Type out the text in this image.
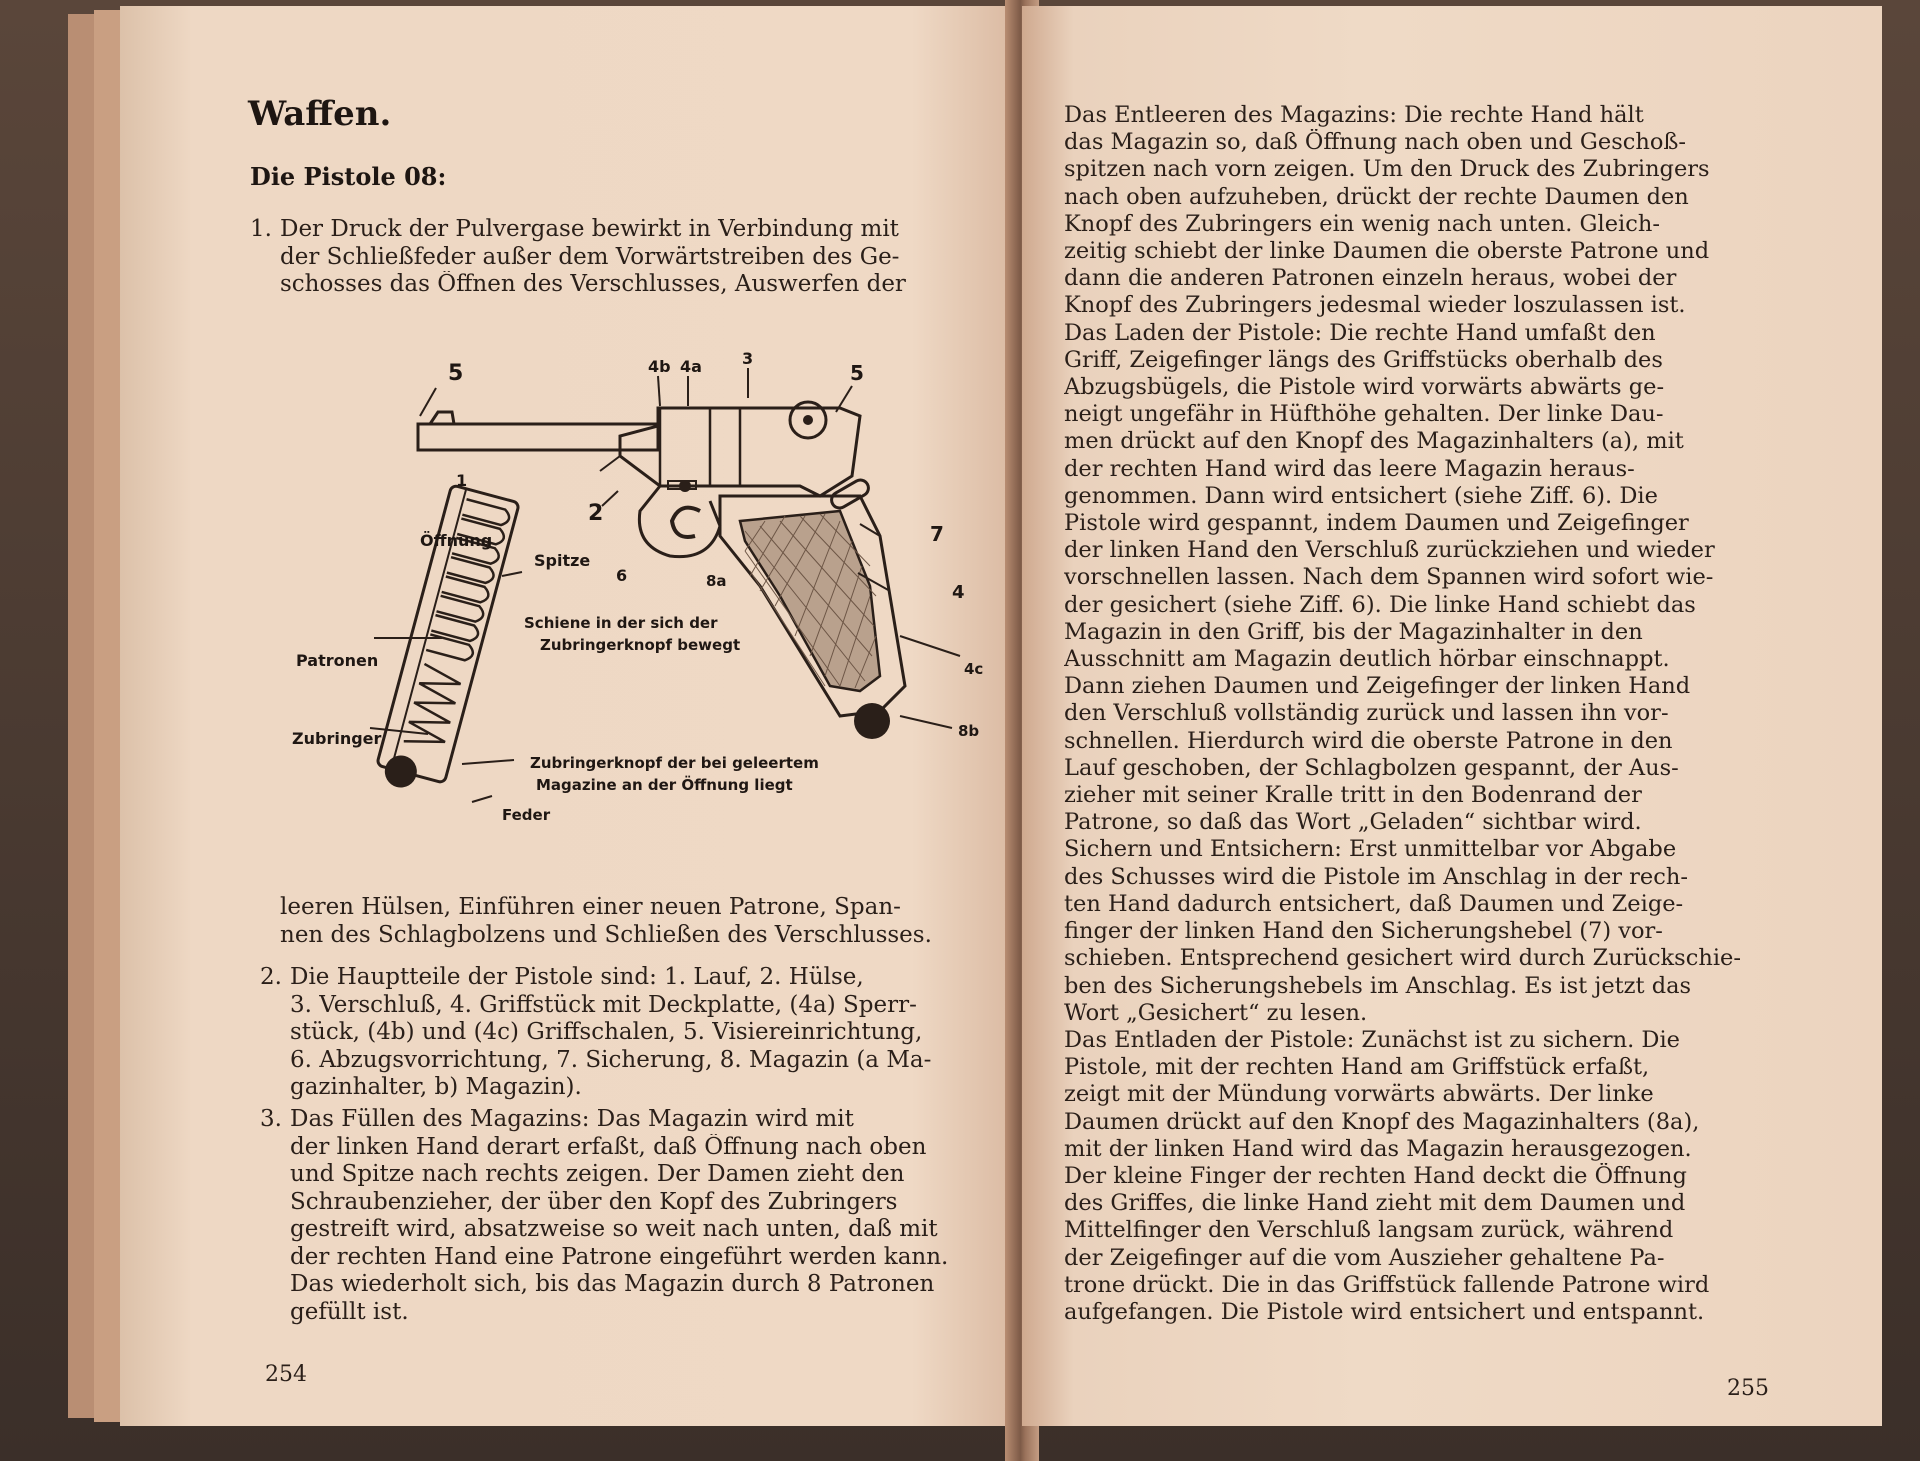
Waffen.
Die Pistole 08:
1. Der Druck der Pulvergase bewirkt in Verbindung mit
der Schließfeder außer dem Vorwärtstreiben des Ge-
schosses das Öffnen des Verschlusses, Auswerfen der
5	4b 4a	3
5
1
2
7
Öffnung
Spitze
6	8a
4
Schiene in der sich der
Zubringerknopf bewegt
Patronen	4c
Zubringer	8b
Zubringerknopf der bei geleertem
Magazine an der Öffnung liegt
Feder
leeren Hülsen, Einführen einer neuen Patrone, Span-
nen des Schlagbolzens und Schließen des Verschlusses.
2. Die Hauptteile der Pistole sind: 1. Lauf, 2. Hülse,
3. Verschluß, 4. Griffstück mit Deckplatte, (4a) Sperr-
stück, (4b) und (4c) Griffschalen, 5. Visiereinrichtung,
6. Abzugsvorrichtung, 7. Sicherung, 8. Magazin (a Ma-
gazinhalter, b) Magazin).
3. Das Füllen des Magazins: Das Magazin wird mit
der linken Hand derart erfaßt, daß Öffnung nach oben
und Spitze nach rechts zeigen. Der Damen zieht den
Schraubenzieher, der über den Kopf des Zubringers
gestreift wird, absatzweise so weit nach unten, daß mit
der rechten Hand eine Patrone eingeführt werden kann.
Das wiederholt sich, bis das Magazin durch 8 Patronen
gefüllt ist.
254
Das Entleeren des Magazins: Die rechte Hand hält
das Magazin so, daß Öffnung nach oben und Geschoß-
spitzen nach vorn zeigen. Um den Druck des Zubringers
nach oben aufzuheben, drückt der rechte Daumen den
Knopf des Zubringers ein wenig nach unten. Gleich-
zeitig schiebt der linke Daumen die oberste Patrone und
dann die anderen Patronen einzeln heraus, wobei der
Knopf des Zubringers jedesmal wieder loszulassen ist.
Das Laden der Pistole: Die rechte Hand umfaßt den
Griff, Zeigefinger längs des Griffstücks oberhalb des
Abzugsbügels, die Pistole wird vorwärts abwärts ge-
neigt ungefähr in Hüfthöhe gehalten. Der linke Dau-
men drückt auf den Knopf des Magazinhalters (a), mit
der rechten Hand wird das leere Magazin heraus-
genommen. Dann wird entsichert (siehe Ziff. 6). Die
Pistole wird gespannt, indem Daumen und Zeigefinger
der linken Hand den Verschluß zurückziehen und wieder
vorschnellen lassen. Nach dem Spannen wird sofort wie-
der gesichert (siehe Ziff. 6). Die linke Hand schiebt das
Magazin in den Griff, bis der Magazinhalter in den
Ausschnitt am Magazin deutlich hörbar einschnappt.
Dann ziehen Daumen und Zeigefinger der linken Hand
den Verschluß vollständig zurück und lassen ihn vor-
schnellen. Hierdurch wird die oberste Patrone in den
Lauf geschoben, der Schlagbolzen gespannt, der Aus-
zieher mit seiner Kralle tritt in den Bodenrand der
Patrone, so daß das Wort „Geladen“ sichtbar wird.
Sichern und Entsichern: Erst unmittelbar vor Abgabe
des Schusses wird die Pistole im Anschlag in der rech-
ten Hand dadurch entsichert, daß Daumen und Zeige-
finger der linken Hand den Sicherungshebel (7) vor-
schieben. Entsprechend gesichert wird durch Zurückschie-
ben des Sicherungshebels im Anschlag. Es ist jetzt das
Wort „Gesichert“ zu lesen.
Das Entladen der Pistole: Zunächst ist zu sichern. Die
Pistole, mit der rechten Hand am Griffstück erfaßt,
zeigt mit der Mündung vorwärts abwärts. Der linke
Daumen drückt auf den Knopf des Magazinhalters (8a),
mit der linken Hand wird das Magazin herausgezogen.
Der kleine Finger der rechten Hand deckt die Öffnung
des Griffes, die linke Hand zieht mit dem Daumen und
Mittelfinger den Verschluß langsam zurück, während
der Zeigefinger auf die vom Auszieher gehaltene Pa-
trone drückt. Die in das Griffstück fallende Patrone wird
aufgefangen. Die Pistole wird entsichert und entspannt.
255
